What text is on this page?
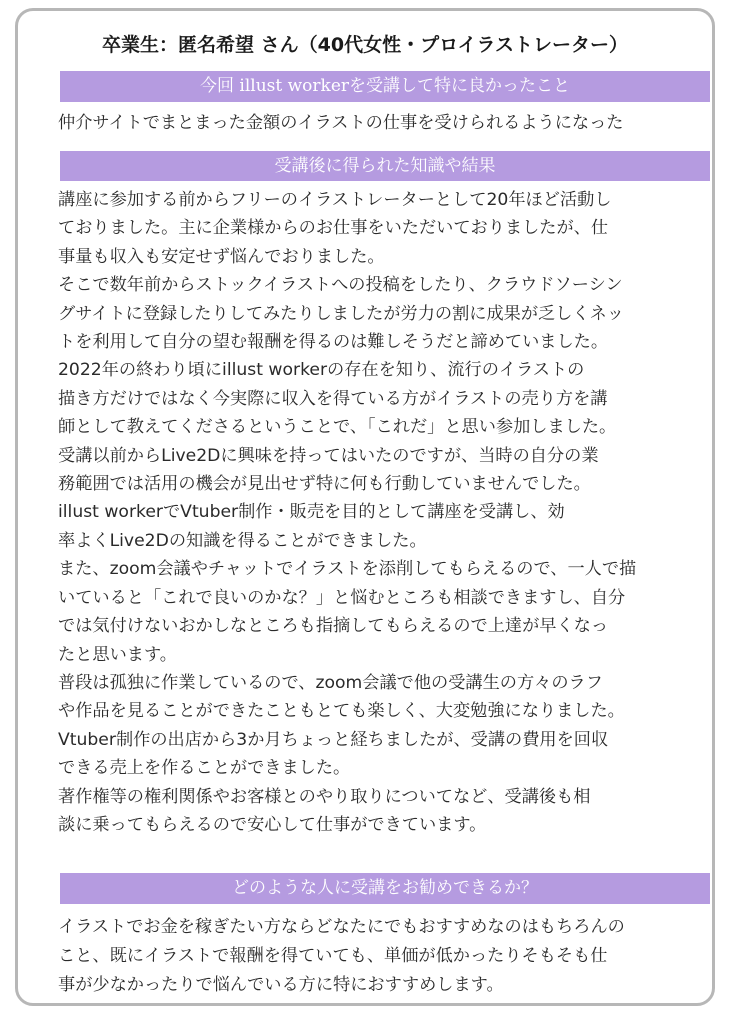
卒業生：匿名希望 さん（40代女性・プロイラストレーター）
今回 illust workerを受講して特に良かったこと
仲介サイトでまとまった金額のイラストの仕事を受けられるようになった
受講後に得られた知識や結果
講座に参加する前からフリーのイラストレーターとして20年ほど活動し
ておりました。主に企業様からのお仕事をいただいておりましたが、仕
事量も収入も安定せず悩んでおりました。
そこで数年前からストックイラストへの投稿をしたり、クラウドソーシン
グサイトに登録したりしてみたりしましたが労力の割に成果が乏しくネッ
トを利用して自分の望む報酬を得るのは難しそうだと諦めていました。
2022年の終わり頃にillust workerの存在を知り、流行のイラストの
描き方だけではなく今実際に収入を得ている方がイラストの売り方を講
師として教えてくださるということで、「これだ」と思い参加しました。
受講以前からLive2Dに興味を持ってはいたのですが、当時の自分の業
務範囲では活用の機会が見出せず特に何も行動していませんでした。
illust workerでVtuber制作・販売を目的として講座を受講し、効
率よくLive2Dの知識を得ることができました。
また、zoom会議やチャットでイラストを添削してもらえるので、一人で描
いていると「これで良いのかな？」と悩むところも相談できますし、自分
では気付けないおかしなところも指摘してもらえるので上達が早くなっ
たと思います。
普段は孤独に作業しているので、zoom会議で他の受講生の方々のラフ
や作品を見ることができたこともとても楽しく、大変勉強になりました。
Vtuber制作の出店から3か月ちょっと経ちましたが、受講の費用を回収
できる売上を作ることができました。
著作権等の権利関係やお客様とのやり取りについてなど、受講後も相
談に乗ってもらえるので安心して仕事ができています。
どのような人に受講をお勧めできるか？
イラストでお金を稼ぎたい方ならどなたにでもおすすめなのはもちろんの
こと、既にイラストで報酬を得ていても、単価が低かったりそもそも仕
事が少なかったりで悩んでいる方に特におすすめします。
